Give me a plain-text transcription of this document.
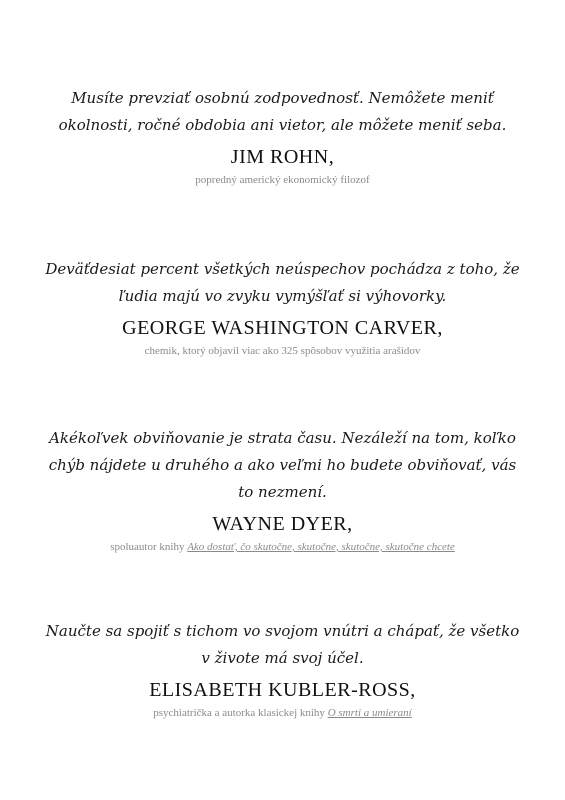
Musíte prevziať osobnú zodpovednosť. Nemôžete meniť okolnosti, ročné obdobia ani vietor, ale môžete meniť seba.

JIM ROHN,
popredný americký ekonomický filozof

Deväťdesiat percent všetkých neúspechov pochádza z toho, že ľudia majú vo zvyku vymýšľať si výhovorky.

GEORGE WASHINGTON CARVER,
chemik, ktorý objavil viac ako 325 spôsobov využitia arašidov

Akékoľvek obviňovanie je strata času. Nezáleží na tom, koľko chýb nájdete u druhého a ako veľmi ho budete obviňovať, vás to nezmení.

WAYNE DYER,
spoluautor knihy Ako dostať, čo skutočne, skutočne, skutočne, skutočne chcete

Naučte sa spojiť s tichom vo svojom vnútri a chápať, že všetko v živote má svoj účel.

ELISABETH KUBLER-ROSS,
psychiatrička a autorka klasickej knihy O smrti a umieraní
